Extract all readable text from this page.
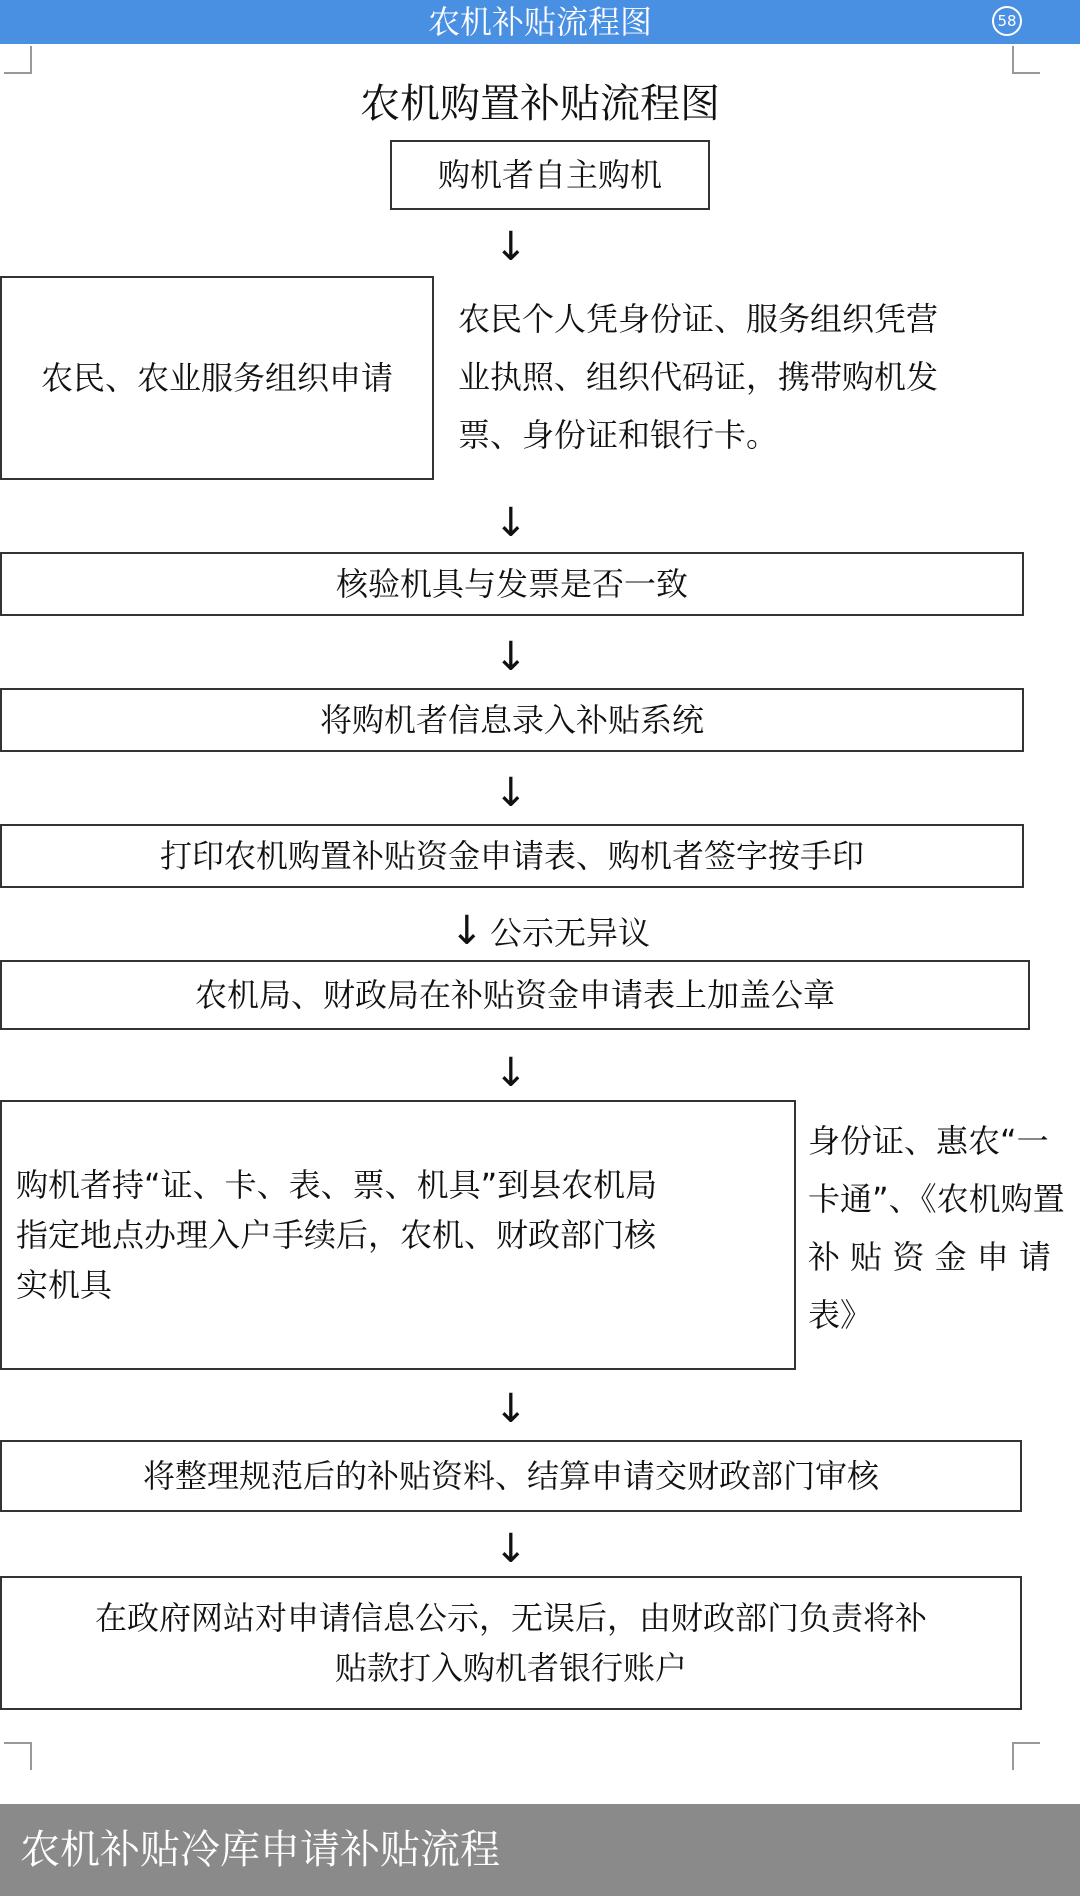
农机补贴流程图	58
农机购置补贴流程图
购机者自主购机
↓
农民、农业服务组织申请
农民个人凭身份证、服务组织凭营
业执照、组织代码证，携带购机发
票、身份证和银行卡。
↓
核验机具与发票是否一致
↓
将购机者信息录入补贴系统
↓
打印农机购置补贴资金申请表、购机者签字按手印
↓ 公示无异议
农机局、财政局在补贴资金申请表上加盖公章
↓
购机者持“证、卡、表、票、机具”到县农机局
指定地点办理入户手续后，农机、财政部门核
实机具
身份证、惠农“一
卡通”、《农机购置
补 贴 资 金 申 请
表》
↓
将整理规范后的补贴资料、结算申请交财政部门审核
↓
在政府网站对申请信息公示，无误后，由财政部门负责将补
贴款打入购机者银行账户
农机补贴冷库申请补贴流程
